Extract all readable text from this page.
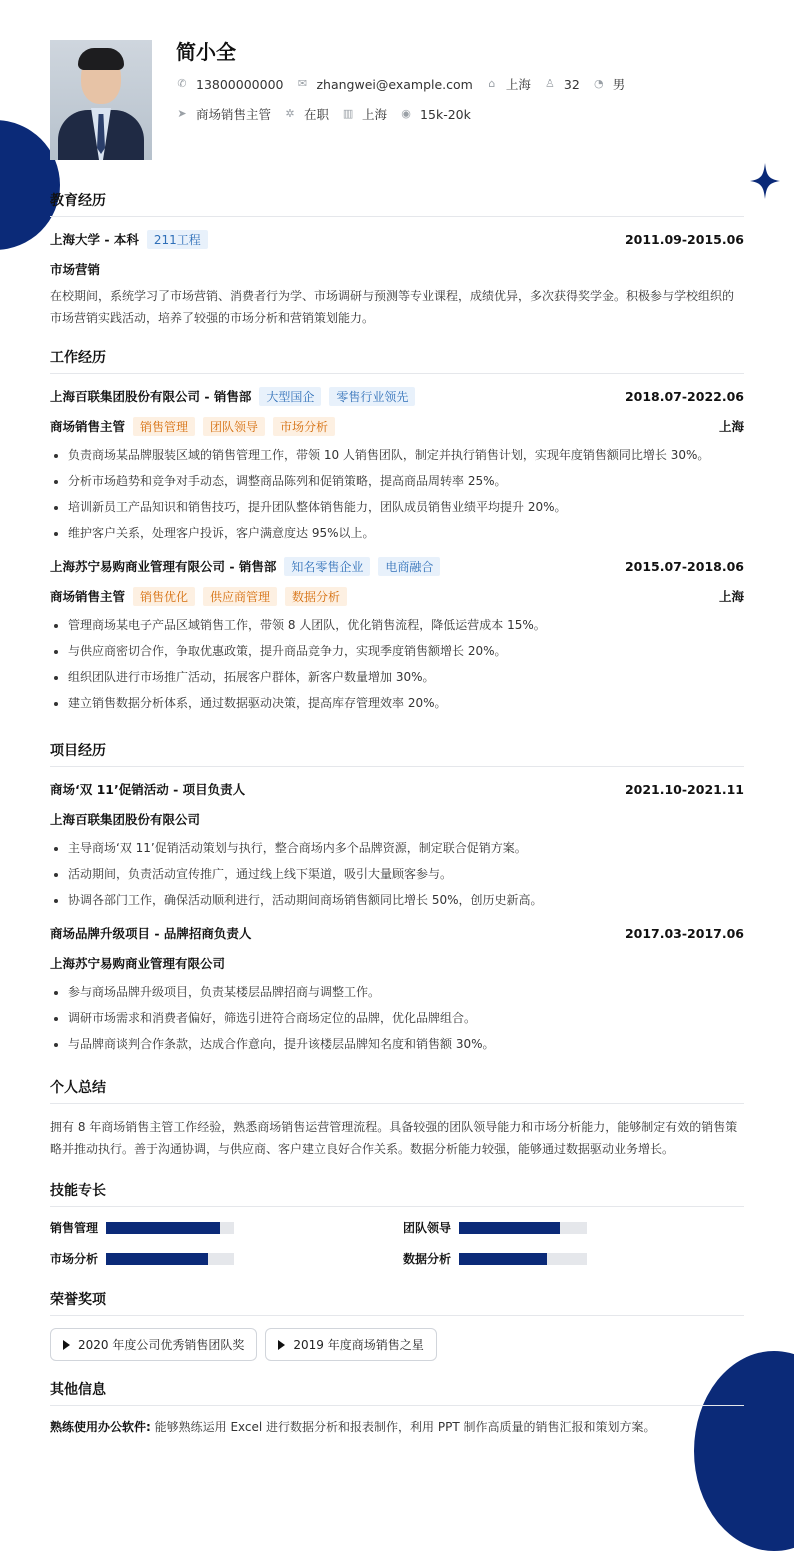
简小全
✆ 13800000000 ✉ zhangwei@example.com ⌂ 上海 ♙ 32 ◔ 男
➤ 商场销售主管 ✲ 在职 ▥ 上海 ◉ 15k-20k
教育经历
上海大学 - 本科	211工程	2011.09-2015.06
市场营销
在校期间，系统学习了市场营销、消费者行为学、市场调研与预测等专业课程，成绩优异，多次获得奖学金。积极参与学校组织的市场营销实践活动，培养了较强的市场分析和营销策划能力。
工作经历
上海百联集团股份有限公司 - 销售部	大型国企	零售行业领先	2018.07-2022.06
商场销售主管	销售管理	团队领导	市场分析	上海
• 负责商场某品牌服装区域的销售管理工作，带领 10 人销售团队，制定并执行销售计划，实现年度销售额同比增长 30%。
• 分析市场趋势和竞争对手动态，调整商品陈列和促销策略，提高商品周转率 25%。
• 培训新员工产品知识和销售技巧，提升团队整体销售能力，团队成员销售业绩平均提升 20%。
• 维护客户关系，处理客户投诉，客户满意度达 95%以上。
上海苏宁易购商业管理有限公司 - 销售部	知名零售企业	电商融合	2015.07-2018.06
商场销售主管	销售优化	供应商管理	数据分析	上海
• 管理商场某电子产品区域销售工作，带领 8 人团队，优化销售流程，降低运营成本 15%。
• 与供应商密切合作，争取优惠政策，提升商品竞争力，实现季度销售额增长 20%。
• 组织团队进行市场推广活动，拓展客户群体，新客户数量增加 30%。
• 建立销售数据分析体系，通过数据驱动决策，提高库存管理效率 20%。
项目经历
商场‘双 11’促销活动 - 项目负责人	2021.10-2021.11
上海百联集团股份有限公司
• 主导商场‘双 11’促销活动策划与执行，整合商场内多个品牌资源，制定联合促销方案。
• 活动期间，负责活动宣传推广，通过线上线下渠道，吸引大量顾客参与。
• 协调各部门工作，确保活动顺利进行，活动期间商场销售额同比增长 50%，创历史新高。
商场品牌升级项目 - 品牌招商负责人	2017.03-2017.06
上海苏宁易购商业管理有限公司
• 参与商场品牌升级项目，负责某楼层品牌招商与调整工作。
• 调研市场需求和消费者偏好，筛选引进符合商场定位的品牌，优化品牌组合。
• 与品牌商谈判合作条款，达成合作意向，提升该楼层品牌知名度和销售额 30%。
个人总结
拥有 8 年商场销售主管工作经验，熟悉商场销售运营管理流程。具备较强的团队领导能力和市场分析能力，能够制定有效的销售策略并推动执行。善于沟通协调，与供应商、客户建立良好合作关系。数据分析能力较强，能够通过数据驱动业务增长。
技能专长
销售管理	团队领导
市场分析	数据分析
荣誉奖项
2020 年度公司优秀销售团队奖	2019 年度商场销售之星
其他信息
熟练使用办公软件: 能够熟练运用 Excel 进行数据分析和报表制作，利用 PPT 制作高质量的销售汇报和策划方案。
